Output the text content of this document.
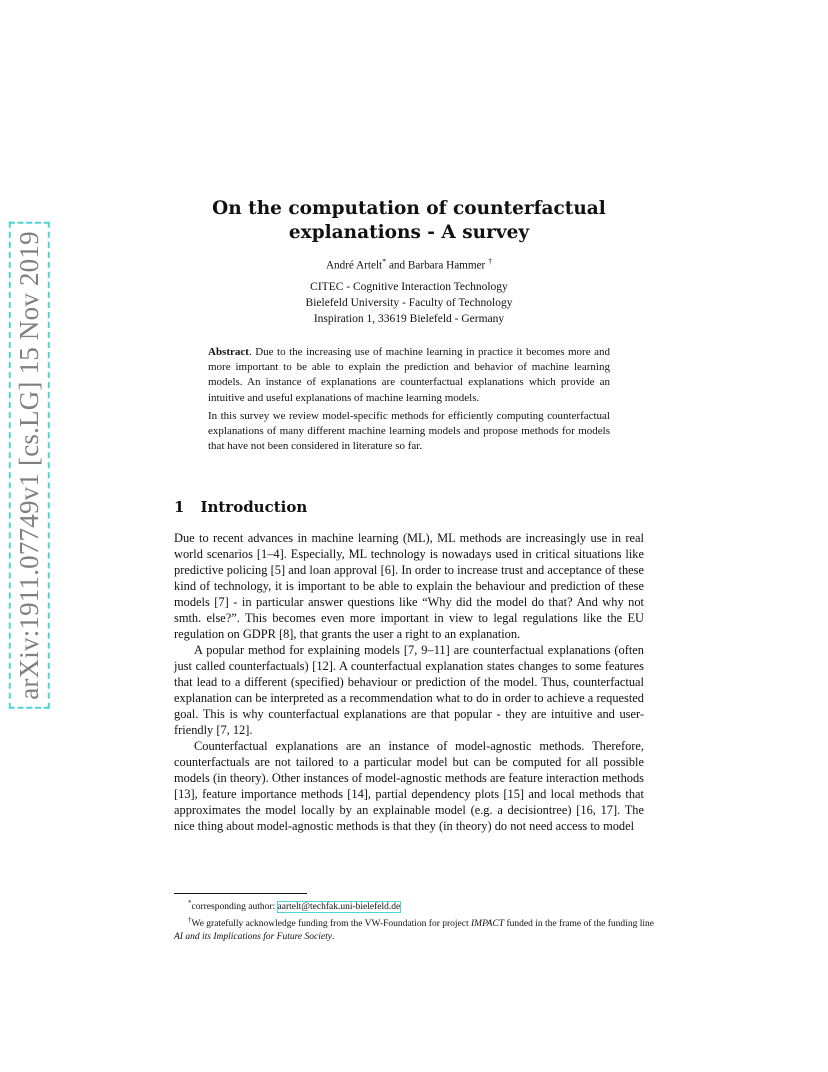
arXiv:1911.07749v1 [cs.LG] 15 Nov 2019
On the computation of counterfactual
explanations - A survey
André Artelt* and Barbara Hammer †
CITEC - Cognitive Interaction Technology
Bielefeld University - Faculty of Technology
Inspiration 1, 33619 Bielefeld - Germany

Abstract. Due to the increasing use of machine learning in practice it becomes more and more important to be able to explain the prediction and behavior of machine learning models. An instance of explanations are counterfactual explanations which provide an intuitive and useful explanations of machine learning models.

In this survey we review model-specific methods for efficiently computing counterfactual explanations of many different machine learning models and propose methods for models that have not been considered in literature so far.

1 Introduction

Due to recent advances in machine learning (ML), ML methods are increasingly use in real world scenarios [1–4]. Especially, ML technology is nowadays used in critical situations like predictive policing [5] and loan approval [6]. In order to increase trust and acceptance of these kind of technology, it is important to be able to explain the behaviour and prediction of these models [7] - in particular answer questions like “Why did the model do that? And why not smth. else?”. This becomes even more important in view to legal regulations like the EU regulation on GDPR [8], that grants the user a right to an explanation.

A popular method for explaining models [7, 9–11] are counterfactual explanations (often just called counterfactuals) [12]. A counterfactual explanation states changes to some features that lead to a different (specified) behaviour or prediction of the model. Thus, counterfactual explanation can be interpreted as a recommendation what to do in order to achieve a requested goal. This is why counterfactual explanations are that popular - they are intuitive and user-friendly [7, 12].

Counterfactual explanations are an instance of model-agnostic methods. Therefore, counterfactuals are not tailored to a particular model but can be computed for all possible models (in theory). Other instances of model-agnostic methods are feature interaction methods [13], feature importance methods [14], partial dependency plots [15] and local methods that approximates the model locally by an explainable model (e.g. a decisiontree) [16, 17]. The nice thing about model-agnostic methods is that they (in theory) do not need access to model

*corresponding author: aartelt@techfak.uni-bielefeld.de

†We gratefully acknowledge funding from the VW-Foundation for project IMPACT funded in the frame of the funding line AI and its Implications for Future Society.
